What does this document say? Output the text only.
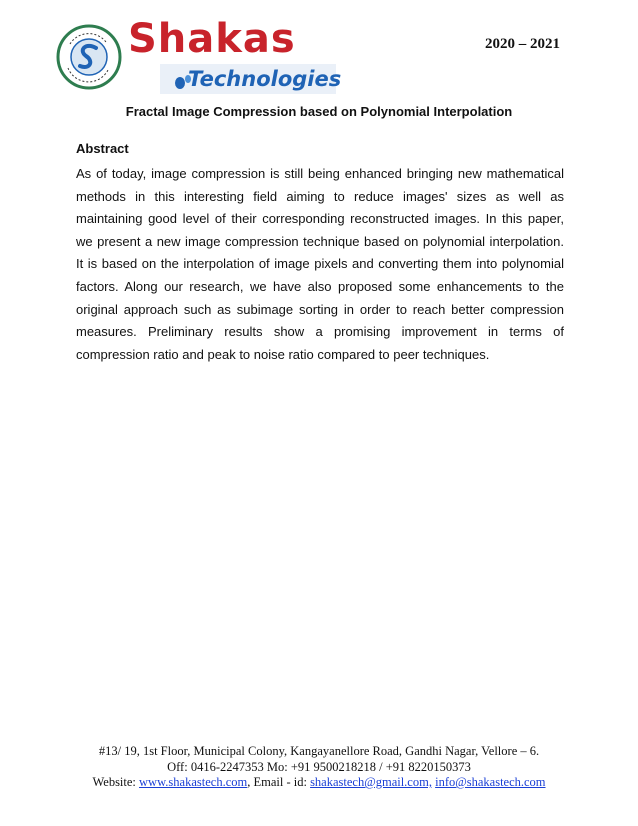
Shakas
Technologies
2020 – 2021
Fractal Image Compression based on Polynomial Interpolation
Abstract

As of today, image compression is still being enhanced bringing new mathematical methods in this interesting field aiming to reduce images' sizes as well as maintaining good level of their corresponding reconstructed images. In this paper, we present a new image compression technique based on polynomial interpolation. It is based on the interpolation of image pixels and converting them into polynomial factors. Along our research, we have also proposed some enhancements to the original approach such as subimage sorting in order to reach better compression measures. Preliminary results show a promising improvement in terms of compression ratio and peak to noise ratio compared to peer techniques.

#13/ 19, 1st Floor, Municipal Colony, Kangayanellore Road, Gandhi Nagar, Vellore – 6.
Off: 0416-2247353 Mo: +91 9500218218 / +91 8220150373
Website: www.shakastech.com, Email - id: shakastech@gmail.com, info@shakastech.com
